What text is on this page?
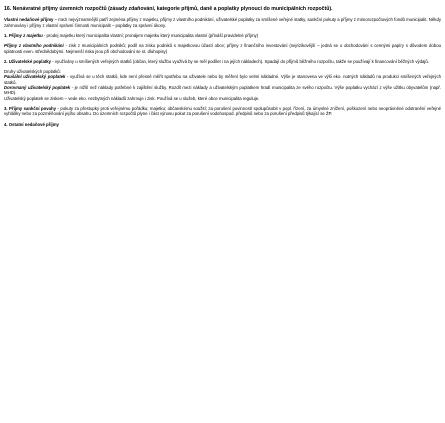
16. Nenávratné příjmy územních rozpočtů (zásady zdaňování, kategorie příjmů, daně a poplatky plynoucí do municipálních rozpočtů).

Vlastní nedaňové příjmy – mezi nejvýznamnější patří zejména příjmy z majetku, příjmy z vlastního podnikání, uživatelské poplatky za smíšené veřejné statky, sankční pokuty a příjmy z mimorozpočtových fondů municipalit. Někdy zahrnovány i příjmy z vlastní správní činnosti municipalit – poplatky za správní úkony.

1. Příjmy z majetku - prodej majetku který municipalita vlastní; pronájem majetku který municipalita vlastní (přináší pravidelné příjmy)

Příjmy z vlastního podnikání - zisk z municipálních podniků; podíl na zisku podniků s majetkovou účastí obce; příjmy z finančního investování (nejrizikovější – jedná se o obchodování s cennými papíry s důvodem dobou splatnosti even. střednědobými. Nejmenší riska jsou při obchodování se st. dluhopisy)

2. Uživatelské poplatky - využívány u smíšených veřejných statků (občan, který službu využívá by se měl podílet i na jejích nákladech). Spadají do příjmů běžného rozpočtu, takže se používají k financování běžných výdajů.

Druhy uživatelských poplatků:

Paušální uživatelský poplatek - využívá se u těch statků, kde není přesně měřit spotřebu na uživatele nebo by měření bylo velmi nákladné. Výše je stanovena ve výši eko. nutných nákladů na produkci smíšených veřejných statků.

Dorovnaný uživatelský poplatek - je nižší než náklady potřebné k zajištění služby. Rozdíl mezi náklady a uživatelským poplatkem hradí municipalita ze svého rozpočtu. Výše poplatku vychází z výše užitku obyvatelům (např. MHD).

Uživatelský poplatek se ziskem – vede eko. nezbytných nákladů zahrnuje i zisk. Používá se u služeb, které obce municipalita reguluje.

3. Příjmy sankční povahy - pokuty za přestupky proti veřejnému pořádku; majetku; občanskému soužití; za porušení povinností spolupůsobit v popl. řízení, za úmyslné znížení, poškození nebo neoprávněné odstranění veřejné vyhlášky nebo za pozměňování jejího obsahu. Do územních rozpočtů plyne i část výnosu pokut za porušení vodohospod. předpisů nebo za porušení předpisů týkající se ŽP.

4. Ostatní nedaňové příjmy
